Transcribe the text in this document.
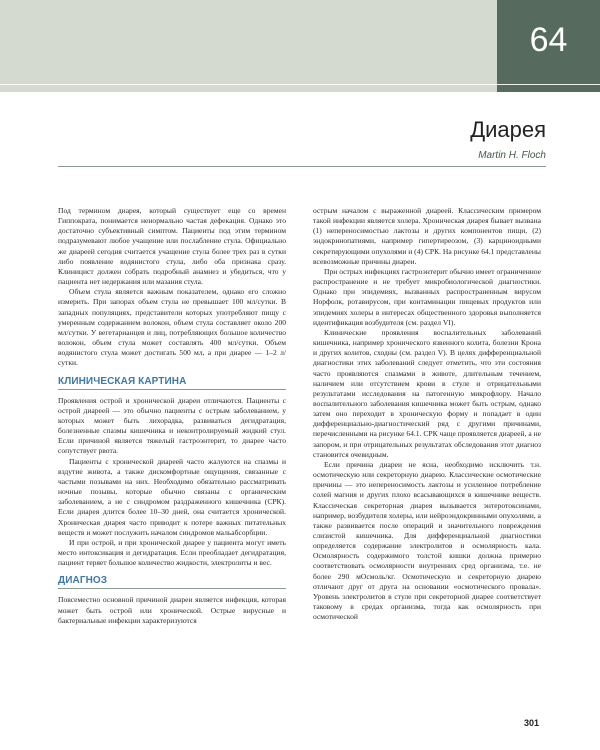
64
Диарея
Martin H. Floch

Под термином диарея, который существует еще со времен Гиппократа, понимается ненормально частая дефекация. Однако это достаточно субъективный симптом. Пациенты под этим термином подразумевают любое учащение или послабление стула. Официально же диареей сегодня считается учащение стула более трех раз в сутки либо появление водянистого стула, либо оба признака сразу. Клиницист должен собрать подробный анамнез и убедиться, что у пациента нет недержания или мазания стула.

Объем стула является важным показателем, однако его сложно измерить. При запорах объем стула не превышает 100 мл/сутки. В западных популяциях, представители которых употребляют пищу с умеренным содержанием волокон, объем стула составляет около 200 мл/сутки. У вегетарианцев и лиц, потребляющих большое количество волокон, объем стула может составлять 400 мл/сутки. Объем водянистого стула может достигать 500 мл, а при диарее — 1–2 л/сутки.

КЛИНИЧЕСКАЯ КАРТИНА

Проявления острой и хронической диареи отличаются. Пациенты с острой диареей — это обычно пациенты с острым заболеванием, у которых может быть лихорадка, развиваться дегидратация, болезненные спазмы кишечника и неконтролируемый жидкий стул. Если причиной является тяжелый гастроэнтерит, то диарее часто сопутствует рвота.

Пациенты с хронической диареей часто жалуются на спазмы и вздутие живота, а также дискомфортные ощущения, связанные с частыми позывами на них. Необходимо обязательно рассматривать ночные позывы, которые обычно связаны с органическим заболеванием, а не с синдромом раздраженного кишечника (СРК). Если диарея длится более 10–30 дней, она считается хронической. Хроническая диарея часто приводит к потере важных питательных веществ и может послужить началом синдромов мальабсорбции.

И при острой, и при хронической диарее у пациента могут иметь место интоксикация и дегидратация. Если преобладает дегидратация, пациент теряет большое количество жидкости, электролиты и вес.

ДИАГНОЗ

Повсеместно основной причиной диареи является инфекция, которая может быть острой или хронической. Острые вирусные и бактериальные инфекции характеризуются

острым началом с выраженной диареей. Классическим примером такой инфекции является холера. Хроническая диарея бывает вызвана (1) непереносимостью лактозы и других компонентов пищи, (2) эндокринопатиями, например гипертиреозом, (3) карциноидными секретирующими опухолями и (4) СРК. На рисунке 64.1 представлены всевозможные причины диареи.

При острых инфекциях гастроэнтерит обычно имеет ограниченное распространение и не требует микробиологической диагностики. Однако при эпидемиях, вызванных распространенным вирусом Норфолк, ротавирусом, при контаминации пищевых продуктов или эпидемиях холеры в интересах общественного здоровья выполняется идентификация возбудителя (см. раздел VI).

Клинические проявления воспалительных заболеваний кишечника, например хронического язвенного колита, болезни Крона и других колитов, сходны (см. раздел V). В целях дифференциальной диагностики этих заболеваний следует отметить, что эти состояния часто проявляются спазмами в животе, длительным течением, наличием или отсутствием крови в стуле и отрицательными результатами исследования на патогенную микрофлору. Начало воспалительного заболевания кишечника может быть острым, однако затем оно переходит в хроническую форму и попадает в один дифференциально-диагностический ряд с другими причинами, перечисленными на рисунке 64.1. СРК чаще проявляется диареей, а не запором, и при отрицательных результатах обследования этот диагноз становится очевидным.

Если причина диареи не ясна, необходимо исключить т.н. осмотическую или секреторную диарею. Классические осмотические причины — это непереносимость лактозы и усиленное потребление солей магния и других плохо всасывающихся в кишечнике веществ. Классическая секреторная диарея вызывается энтеротоксинами, например, возбудителя холеры, или нейроэндокринными опухолями, а также развивается после операций и значительного повреждения слизистой кишечника. Для дифференциальной диагностики определяется содержание электролитов и осмолярность кала. Осмолярность содержимого толстой кишки должна примерно соответствовать осмолярности внутренних сред организма, т.е. не более 290 мОсмоль/кг. Осмотическую и секреторную диарею отличают друг от друга на основании «осмотического провала». Уровень электролитов в стуле при секреторной диарее соответствует таковому в средах организма, тогда как осмолярность при осмотической

301
